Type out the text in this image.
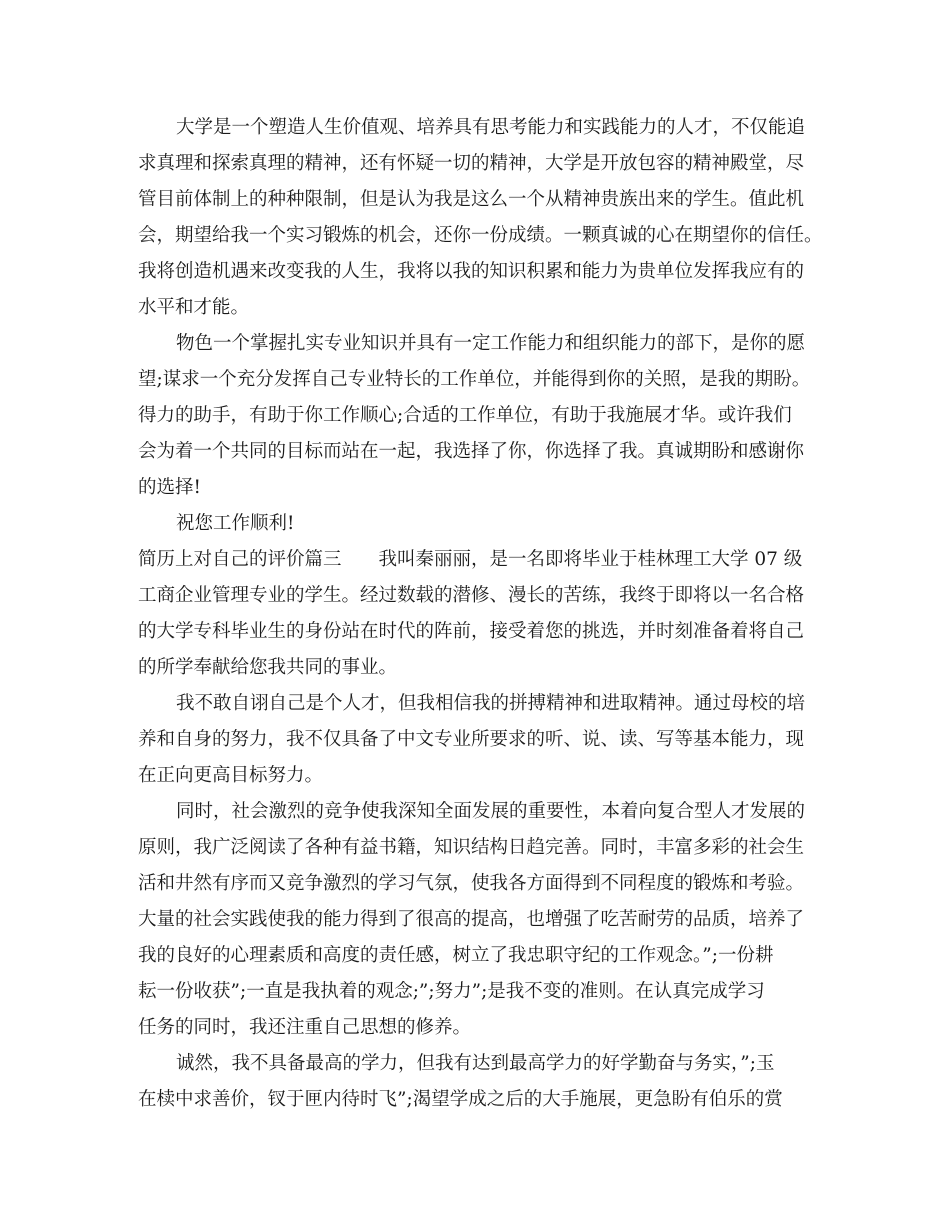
大学是一个塑造人生价值观、培养具有思考能力和实践能力的人才，不仅能追
求真理和探索真理的精神，还有怀疑一切的精神，大学是开放包容的精神殿堂，尽
管目前体制上的种种限制，但是认为我是这么一个从精神贵族出来的学生。值此机
会，期望给我一个实习锻炼的机会，还你一份成绩。一颗真诚的心在期望你的信任。
我将创造机遇来改变我的人生，我将以我的知识积累和能力为贵单位发挥我应有的
水平和才能。
物色一个掌握扎实专业知识并具有一定工作能力和组织能力的部下，是你的愿
望;谋求一个充分发挥自己专业特长的工作单位，并能得到你的关照，是我的期盼。
得力的助手，有助于你工作顺心;合适的工作单位，有助于我施展才华。或许我们
会为着一个共同的目标而站在一起，我选择了你，你选择了我。真诚期盼和感谢你
的选择!
祝您工作顺利!
简历上对自己的评价篇三　　我叫秦丽丽，是一名即将毕业于桂林理工大学 07 级
工商企业管理专业的学生。经过数载的潜修、漫长的苦练，我终于即将以一名合格
的大学专科毕业生的身份站在时代的阵前，接受着您的挑选，并时刻准备着将自己
的所学奉献给您我共同的事业。
我不敢自诩自己是个人才，但我相信我的拼搏精神和进取精神。通过母校的培
养和自身的努力，我不仅具备了中文专业所要求的听、说、读、写等基本能力，现
在正向更高目标努力。
同时，社会激烈的竞争使我深知全面发展的重要性，本着向复合型人才发展的
原则，我广泛阅读了各种有益书籍，知识结构日趋完善。同时，丰富多彩的社会生
活和井然有序而又竞争激烈的学习气氛，使我各方面得到不同程度的锻炼和考验。
大量的社会实践使我的能力得到了很高的提高，也增强了吃苦耐劳的品质，培养了
我的良好的心理素质和高度的责任感，树立了我忠职守纪的工作观念。”;一份耕
耘一份收获”;一直是我执着的观念;”;努力”;是我不变的准则。在认真完成学习
任务的同时，我还注重自己思想的修养。
诚然，我不具备最高的学力，但我有达到最高学力的好学勤奋与务实，”;玉
在椟中求善价，钗于匣内待时飞”;渴望学成之后的大手施展，更急盼有伯乐的赏
